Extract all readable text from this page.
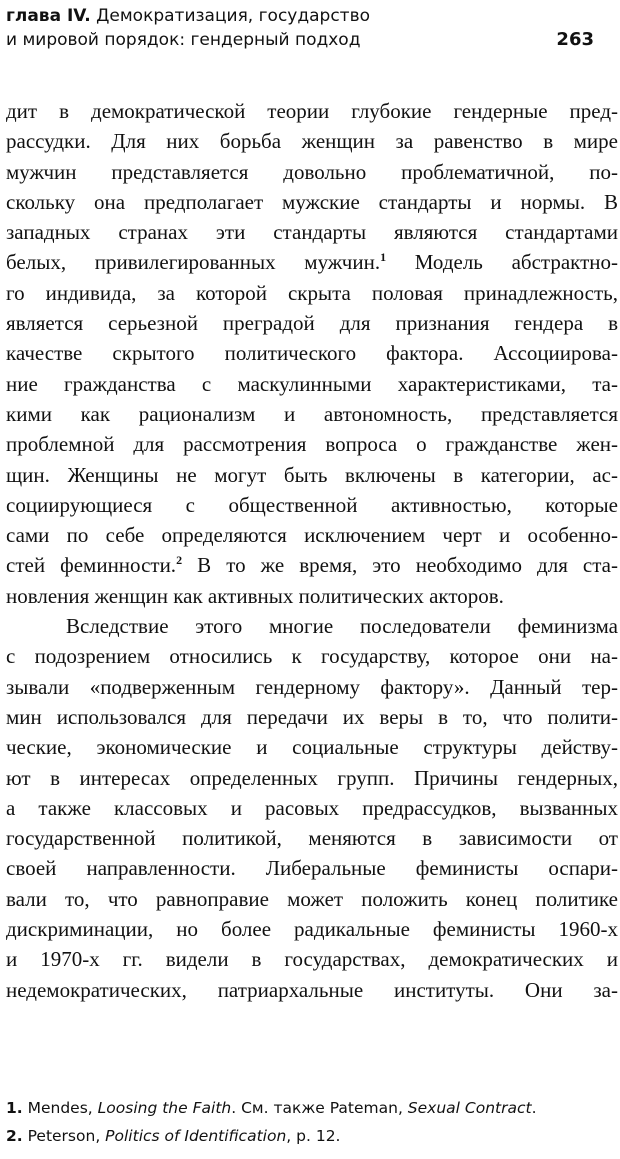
глава IV. Демократизация, государство
и мировой порядок: гендерный подход	263
дит в демократической теории глубокие гендерные пред-
рассудки. Для них борьба женщин за равенство в мире
мужчин представляется довольно проблематичной, по-
скольку она предполагает мужские стандарты и нормы. В
западных странах эти стандарты являются стандартами
белых, привилегированных мужчин.$^1$ Модель абстрактно-
го индивида, за которой скрыта половая принадлежность,
является серьезной преградой для признания гендера в
качестве скрытого политического фактора. Ассоциирова-
ние гражданства с маскулинными характеристиками, та-
кими как рационализм и автономность, представляется
проблемной для рассмотрения вопроса о гражданстве жен-
щин. Женщины не могут быть включены в категории, ас-
социирующиеся с общественной активностью, которые
сами по себе определяются исключением черт и особенно-
стей феминности.$^2$ В то же время, это необходимо для ста-
новления женщин как активных политических акторов.
Вследствие этого многие последователи феминизма
с подозрением относились к государству, которое они на-
зывали «подверженным гендерному фактору». Данный тер-
мин использовался для передачи их веры в то, что полити-
ческие, экономические и социальные структуры действу-
ют в интересах определенных групп. Причины гендерных,
а также классовых и расовых предрассудков, вызванных
государственной политикой, меняются в зависимости от
своей направленности. Либеральные феминисты оспари-
вали то, что равноправие может положить конец политике
дискриминации, но более радикальные феминисты 1960-х
и 1970-х гг. видели в государствах, демократических и
недемократических, патриархальные институты. Они за-
1. Mendes, Loosing the Faith. См. также Pateman, Sexual Contract.
2. Peterson, Politics of Identification, p. 12.
